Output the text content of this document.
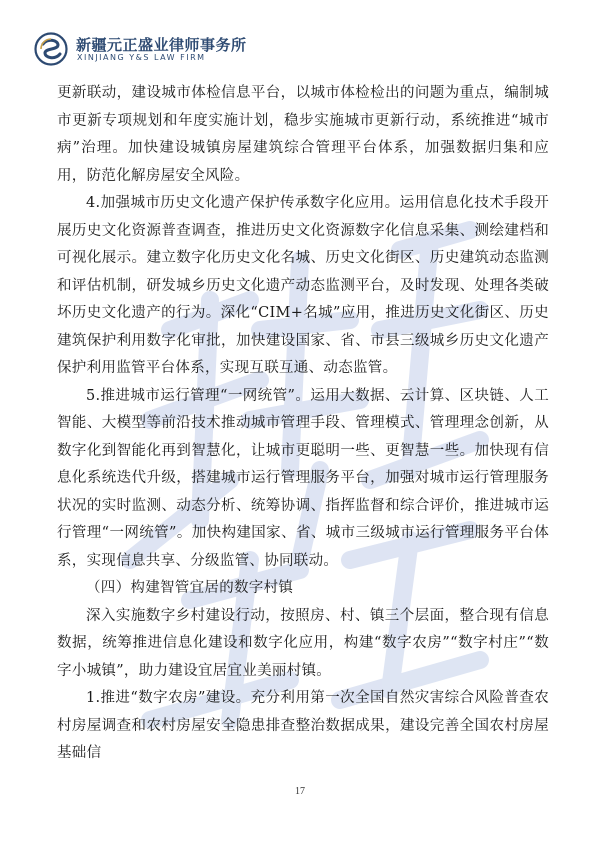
新疆元正盛业律师事务所
XINJIANG Y&S LAW FIRM

更新联动，建设城市体检信息平台，以城市体检检出的问题为重点，编制城市更新专项规划和年度实施计划，稳步实施城市更新行动，系统推进“城市病”治理。加快建设城镇房屋建筑综合管理平台体系，加强数据归集和应用，防范化解房屋安全风险。

4.加强城市历史文化遗产保护传承数字化应用。运用信息化技术手段开展历史文化资源普查调查，推进历史文化资源数字化信息采集、测绘建档和可视化展示。建立数字化历史文化名城、历史文化街区、历史建筑动态监测和评估机制，研发城乡历史文化遗产动态监测平台，及时发现、处理各类破坏历史文化遗产的行为。深化“CIM+名城”应用，推进历史文化街区、历史建筑保护利用数字化审批，加快建设国家、省、市县三级城乡历史文化遗产保护利用监管平台体系，实现互联互通、动态监管。

5.推进城市运行管理“一网统管”。运用大数据、云计算、区块链、人工智能、大模型等前沿技术推动城市管理手段、管理模式、管理理念创新，从数字化到智能化再到智慧化，让城市更聪明一些、更智慧一些。加快现有信息化系统迭代升级，搭建城市运行管理服务平台，加强对城市运行管理服务状况的实时监测、动态分析、统筹协调、指挥监督和综合评价，推进城市运行管理“一网统管”。加快构建国家、省、城市三级城市运行管理服务平台体系，实现信息共享、分级监管、协同联动。

（四）构建智管宜居的数字村镇

深入实施数字乡村建设行动，按照房、村、镇三个层面，整合现有信息数据，统筹推进信息化建设和数字化应用，构建“数字农房”“数字村庄”“数字小城镇”，助力建设宜居宜业美丽村镇。

1.推进“数字农房”建设。充分利用第一次全国自然灾害综合风险普查农村房屋调查和农村房屋安全隐患排查整治数据成果，建设完善全国农村房屋基础信

17
